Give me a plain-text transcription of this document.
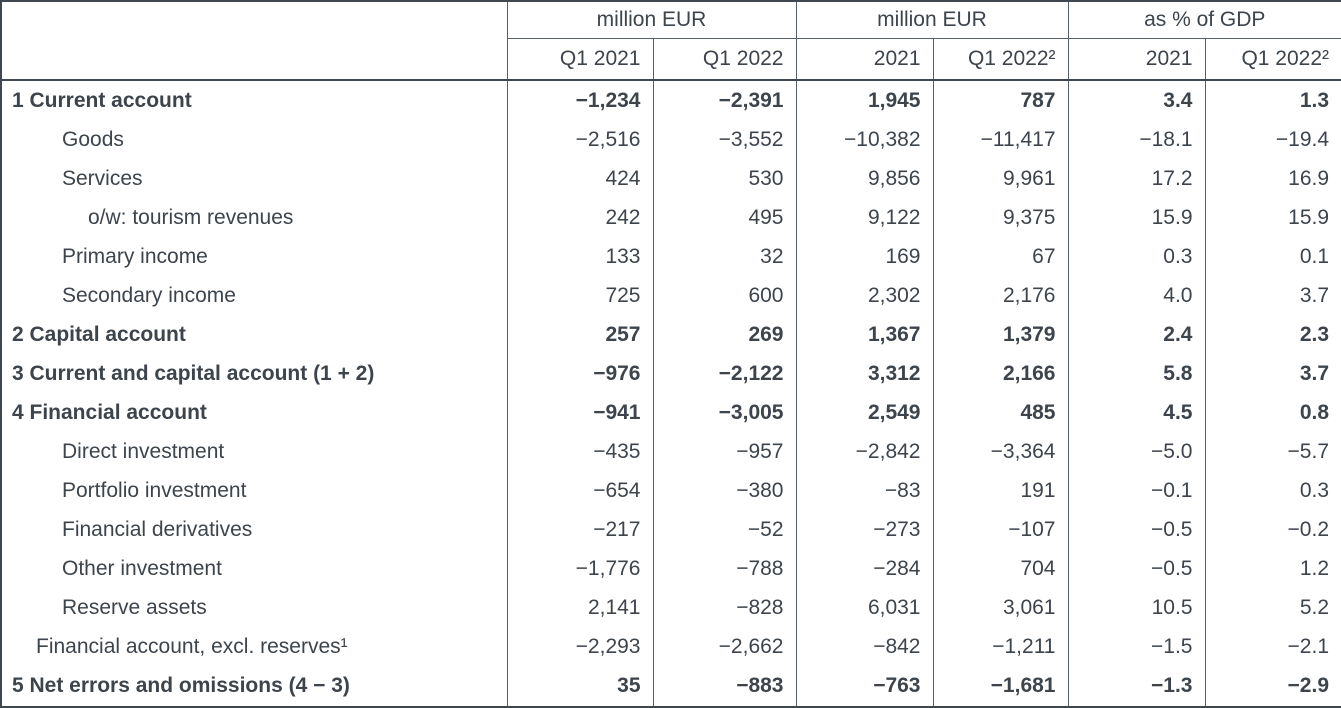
	million EUR		million EUR		as % of GDP	
	Q1 2021	Q1 2022	2021	Q1 2022²	2021	Q1 2022²
1 Current account	−1,234	−2,391	1,945	787	3.4	1.3
Goods	−2,516	−3,552	−10,382	−11,417	−18.1	−19.4
Services	424	530	9,856	9,961	17.2	16.9
o/w: tourism revenues	242	495	9,122	9,375	15.9	15.9
Primary income	133	32	169	67	0.3	0.1
Secondary income	725	600	2,302	2,176	4.0	3.7
2 Capital account	257	269	1,367	1,379	2.4	2.3
3 Current and capital account (1 + 2)	−976	−2,122	3,312	2,166	5.8	3.7
4 Financial account	−941	−3,005	2,549	485	4.5	0.8
Direct investment	−435	−957	−2,842	−3,364	−5.0	−5.7
Portfolio investment	−654	−380	−83	191	−0.1	0.3
Financial derivatives	−217	−52	−273	−107	−0.5	−0.2
Other investment	−1,776	−788	−284	704	−0.5	1.2
Reserve assets	2,141	−828	6,031	3,061	10.5	5.2
Financial account, excl. reserves¹	−2,293	−2,662	−842	−1,211	−1.5	−2.1
5 Net errors and omissions (4 − 3)	35	−883	−763	−1,681	−1.3	−2.9
